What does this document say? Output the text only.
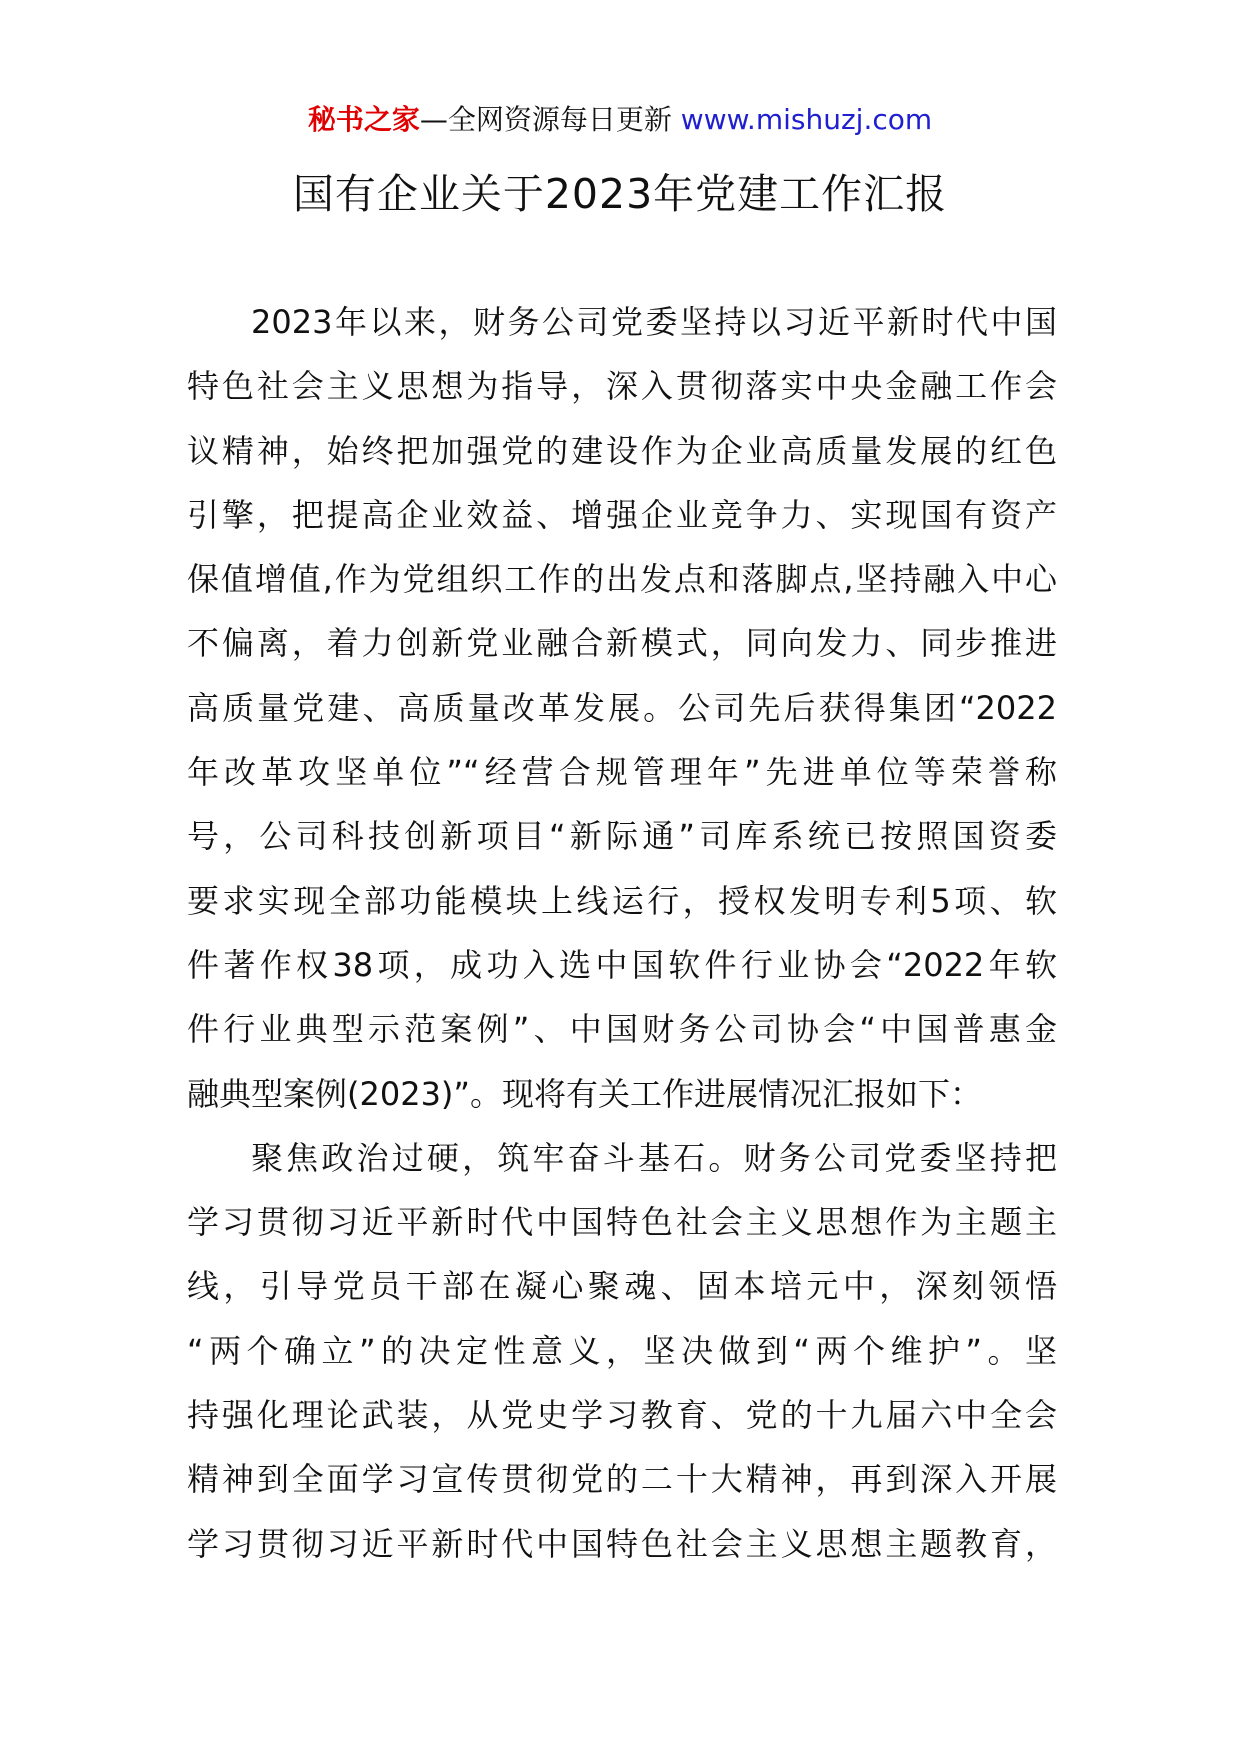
秘书之家—全网资源每日更新 www.mishuzj.com
国有企业关于2023年党建工作汇报
2023年以来，财务公司党委坚持以习近平新时代中国
特色社会主义思想为指导，深入贯彻落实中央金融工作会
议精神，始终把加强党的建设作为企业高质量发展的红色
引擎，把提高企业效益、增强企业竞争力、实现国有资产
保值增值,作为党组织工作的出发点和落脚点,坚持融入中心
不偏离，着力创新党业融合新模式，同向发力、同步推进
高质量党建、高质量改革发展。公司先后获得集团“2022
年改革攻坚单位”“经营合规管理年”先进单位等荣誉称
号，公司科技创新项目“新际通”司库系统已按照国资委
要求实现全部功能模块上线运行，授权发明专利5项、软
件著作权38项，成功入选中国软件行业协会“2022年软
件行业典型示范案例”、中国财务公司协会“中国普惠金
融典型案例(2023)”。现将有关工作进展情况汇报如下：
聚焦政治过硬，筑牢奋斗基石。财务公司党委坚持把
学习贯彻习近平新时代中国特色社会主义思想作为主题主
线，引导党员干部在凝心聚魂、固本培元中，深刻领悟
“两个确立”的决定性意义，坚决做到“两个维护”。坚
持强化理论武装，从党史学习教育、党的十九届六中全会
精神到全面学习宣传贯彻党的二十大精神，再到深入开展
学习贯彻习近平新时代中国特色社会主义思想主题教育，
